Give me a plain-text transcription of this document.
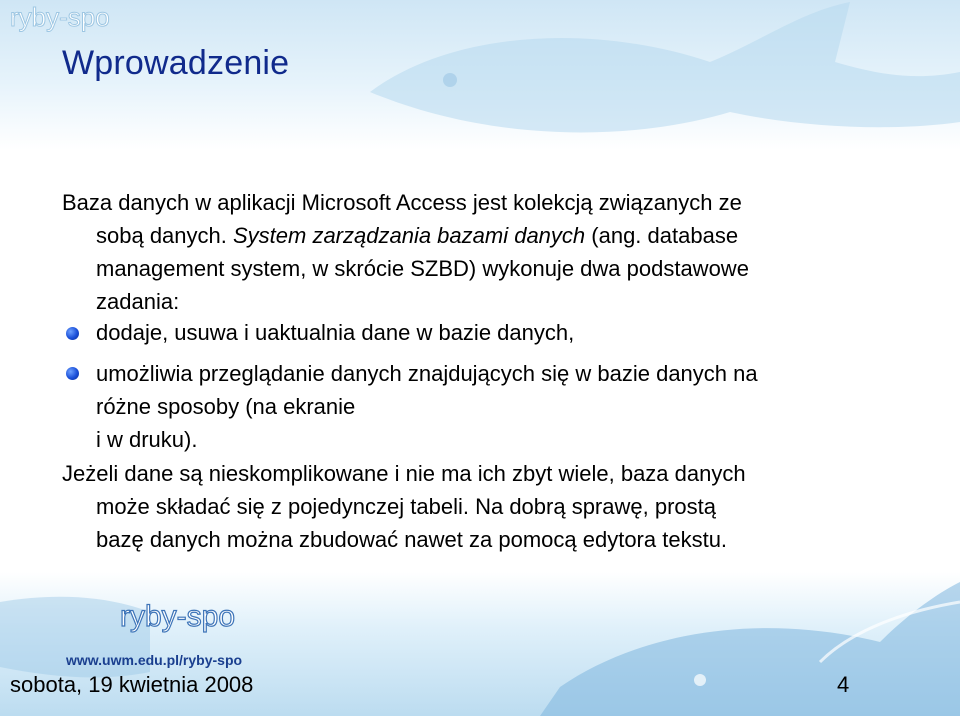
ryby-spo
Wprowadzenie
Baza danych w aplikacji Microsoft Access jest kolekcją związanych ze
sobą danych. System zarządzania bazami danych (ang. database
management system, w skrócie SZBD) wykonuje dwa podstawowe
zadania:
dodaje, usuwa i uaktualnia dane w bazie danych,
umożliwia przeglądanie danych znajdujących się w bazie danych na
różne sposoby (na ekranie
i w druku).
Jeżeli dane są nieskomplikowane i nie ma ich zbyt wiele, baza danych
może składać się z pojedynczej tabeli. Na dobrą sprawę, prostą
bazę danych można zbudować nawet za pomocą edytora tekstu.
ryby-spo
www.uwm.edu.pl/ryby-spo
sobota, 19 kwietnia 2008	4
